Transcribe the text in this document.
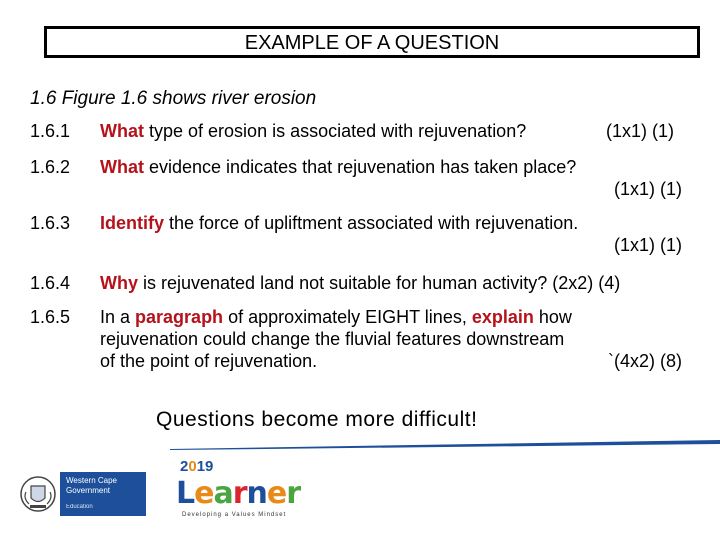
EXAMPLE OF A QUESTION
1.6 Figure 1.6 shows river erosion
1.6.1	What type of erosion is associated with rejuvenation?	(1x1) (1)
1.6.2	What evidence indicates that rejuvenation has taken place?
(1x1) (1)
1.6.3	Identify the force of upliftment associated with rejuvenation.
(1x1) (1)
1.6.4	Why is rejuvenated land not suitable for human activity? (2x2) (4)
1.6.5	In a paragraph of approximately EIGHT lines, explain how
rejuvenation could change the fluvial features downstream
of the point of rejuvenation.	`(4x2) (8)
Questions become more difficult!
Western Cape
Government
Education
2019
Learner
Developing a Values Mindset
